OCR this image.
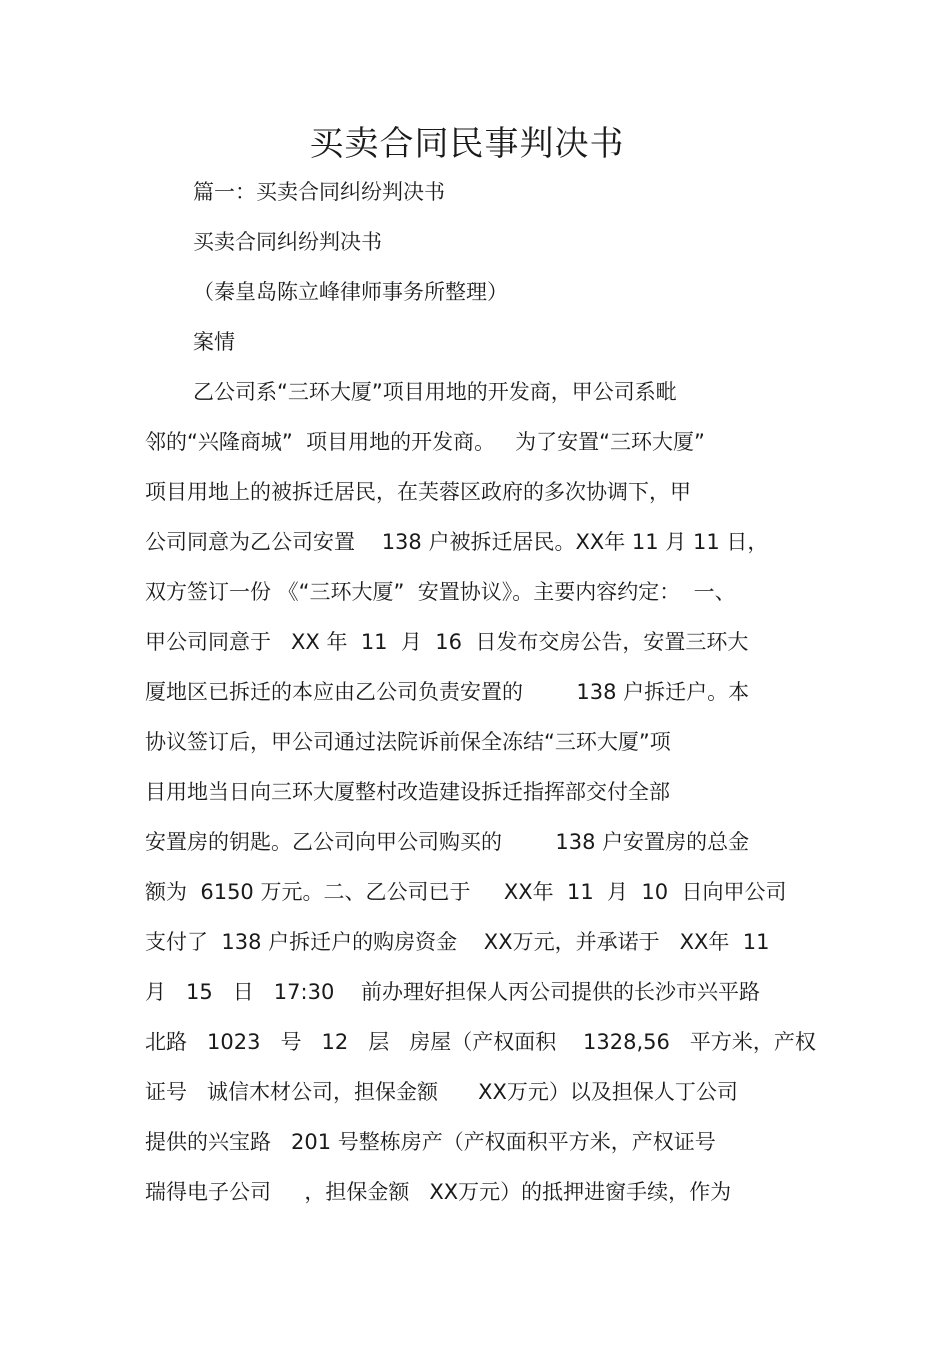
买卖合同民事判决书

篇一：买卖合同纠纷判决书

买卖合同纠纷判决书

（秦皇岛陈立峰律师事务所整理）

案情

乙公司系“三环大厦”项目用地的开发商，甲公司系毗

邻的“兴隆商城”  项目用地的开发商。   为了安置“三环大厦”

项目用地上的被拆迁居民，在芙蓉区政府的多次协调下，甲

公司同意为乙公司安置    138 户被拆迁居民。XX年 11 月 11 日，

双方签订一份 《“三环大厦”  安置协议》。主要内容约定：  一、

甲公司同意于   XX 年  11  月  16  日发布交房公告，安置三环大

厦地区已拆迁的本应由乙公司负责安置的        138 户拆迁户。本

协议签订后，甲公司通过法院诉前保全冻结“三环大厦”项

目用地当日向三环大厦整村改造建设拆迁指挥部交付全部

安置房的钥匙。乙公司向甲公司购买的        138 户安置房的总金

额为  6150 万元。二、乙公司已于     XX年  11  月  10  日向甲公司

支付了  138 户拆迁户的购房资金    XX万元，并承诺于   XX年  11

月   15   日   17:30    前办理好担保人丙公司提供的长沙市兴平路

北路   1023   号   12   层   房屋（产权面积    1328,56   平方米，产权

证号   诚信木材公司，担保金额      XX万元）以及担保人丁公司

提供的兴宝路   201 号整栋房产（产权面积平方米，产权证号

瑞得电子公司     ，担保金额   XX万元）的抵押进窗手续，作为
